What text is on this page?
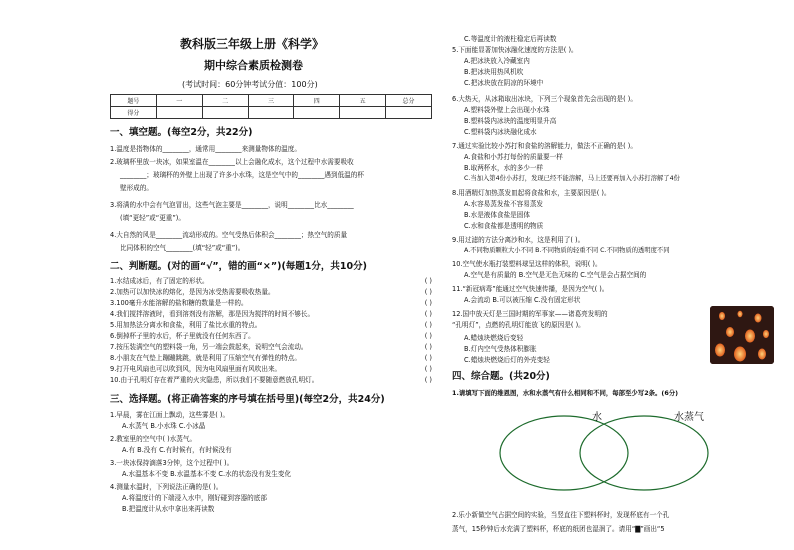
教科版三年级上册《科学》
期中综合素质检测卷
(考试时间：60分钟考试分值：100分)
题号	一	二	三	四	五	总分
得分						
一、填空题。(每空2分，共22分)
1.温度是指物体的________，通常用________来测量物体的温度。
2.玻璃杯里放一块冰，如果室温在________以上会融化成水，这个过程中水需要吸收
________；玻璃杯的外壁上出现了许多小水珠，这是空气中的________遇到低温的杯
壁形成的。
3.将满的水中会有气泡冒出，这些气泡主要是________，说明________比水________
(填“更轻”或“更重”)。
4.大自然的风是________流动形成的。空气受热后体积会________；热空气的质量
比同体积的空气________(填“轻”或“重”)。
二、判断题。(对的画“√”，错的画“×”)(每题1分，共10分)
1.水结成冰后，有了固定的形状。	( )
2.加热可以加快冰的熔化，是因为冰受热需要吸收热量。	( )
3.100毫升水能溶解的盐和糖的数量是一样的。	( )
4.我们搅拌溶液时，看到溶剂没有溶解，那是因为搅拌的时间不够长。	( )
5.用加热法分离水和食盐，利用了盐比水重的特点。	( )
6.倒掉杯子里的水后，杯子里就没有任何东西了。	( )
7.按压装满空气的塑料袋一角，另一端会鼓起来，说明空气会流动。	( )
8.小朋友在气垫上蹦蹦跳跳，就是利用了压缩空气有弹性的特点。	( )
9.打开电风扇也可以吹到风，因为电风扇里面有风吹出来。	( )
10.由于孔明灯存在着严重的火灾隐患，所以我们不要随意燃放孔明灯。	( )
三、选择题。(将正确答案的序号填在括号里)(每空2分，共24分)
1.早晨，雾在江面上飘动，这些雾是( )。
A.水蒸气 B.小水珠 C.小冰晶
2.教室里的空气中( )水蒸气。
A.有 B.没有 C.有时候有，有时候没有
3.一块冰保持滴落3分钟，这个过程中( )。
A.水温基本不变 B.水温基本不变 C.水的状态没有发生变化
4.测量水温时，下列说法正确的是( )。
A.将温度计的下端浸入水中，刚好碰到容器的底部
B.把温度计从水中拿出来再读数
C.等温度计的液柱稳定后再读数
5.下面能显著加快冰融化速度的方法是( )。
A.把冰块放入冷藏室内
B.把冰块用热风机吹
C.把冰块放在阴凉的环境中
6.大热天，从冰箱取出冰块，下列三个现象首先会出现的是( )。
A.塑料袋外壁上会出现小水珠
B.塑料袋内冰块的温度明显升高
C.塑料袋内冰块融化成水
7.通过实验比较小苏打和食盐的溶解能力，做法不正确的是( )。
A.食盐和小苏打每份的质量要一样
B.取两杯水，水的多少一样
C.当加入第4份小苏打，发现已经不能溶解，马上还要再加入小苏打溶解了4份
8.用酒精灯加热蒸发皿起将食盐和水，主要原因是( )。
A.水容易蒸发盐不容易蒸发
B.水是液体食盐是固体
C.水和食盐都是透明的物质
9.用过滤的方法分离沙和水，这是利用了( )。
A.不同物质颗粒大小不同 B.不同物质的轻重不同 C.不同物质的透明度不同
10.空气使水瓶打装塑料球呈这样的体积，说明( )。
A.空气是有质量的 B.空气是无色无味的 C.空气是会占据空间的
11.“新冠病毒”能通过空气快速传播，是因为空气( )。
A.会流动 B.可以被压缩 C.没有固定形状
12.国中放天灯是三国时期的军事家——诸葛亮发明的
“孔明灯”，点燃的孔明灯能放飞的原因是( )。
A.蜡烛块燃烧后变轻
B.灯内空气受热体积膨胀
C.蜡烛块燃烧后灯的外壳变轻
四、综合题。(共20分)
1.请填写下面的维恩图，水和水蒸气有什么相同和不同，每部至少写2条。(6分)
水	水蒸气
2.乐小新做空气占据空间的实验，当竖直往下塑料杯时，发现杯底有一个孔
蒸气，15秒钟后水充满了塑料杯，杯底的纸团也湿润了。请用“▇”画出“5
